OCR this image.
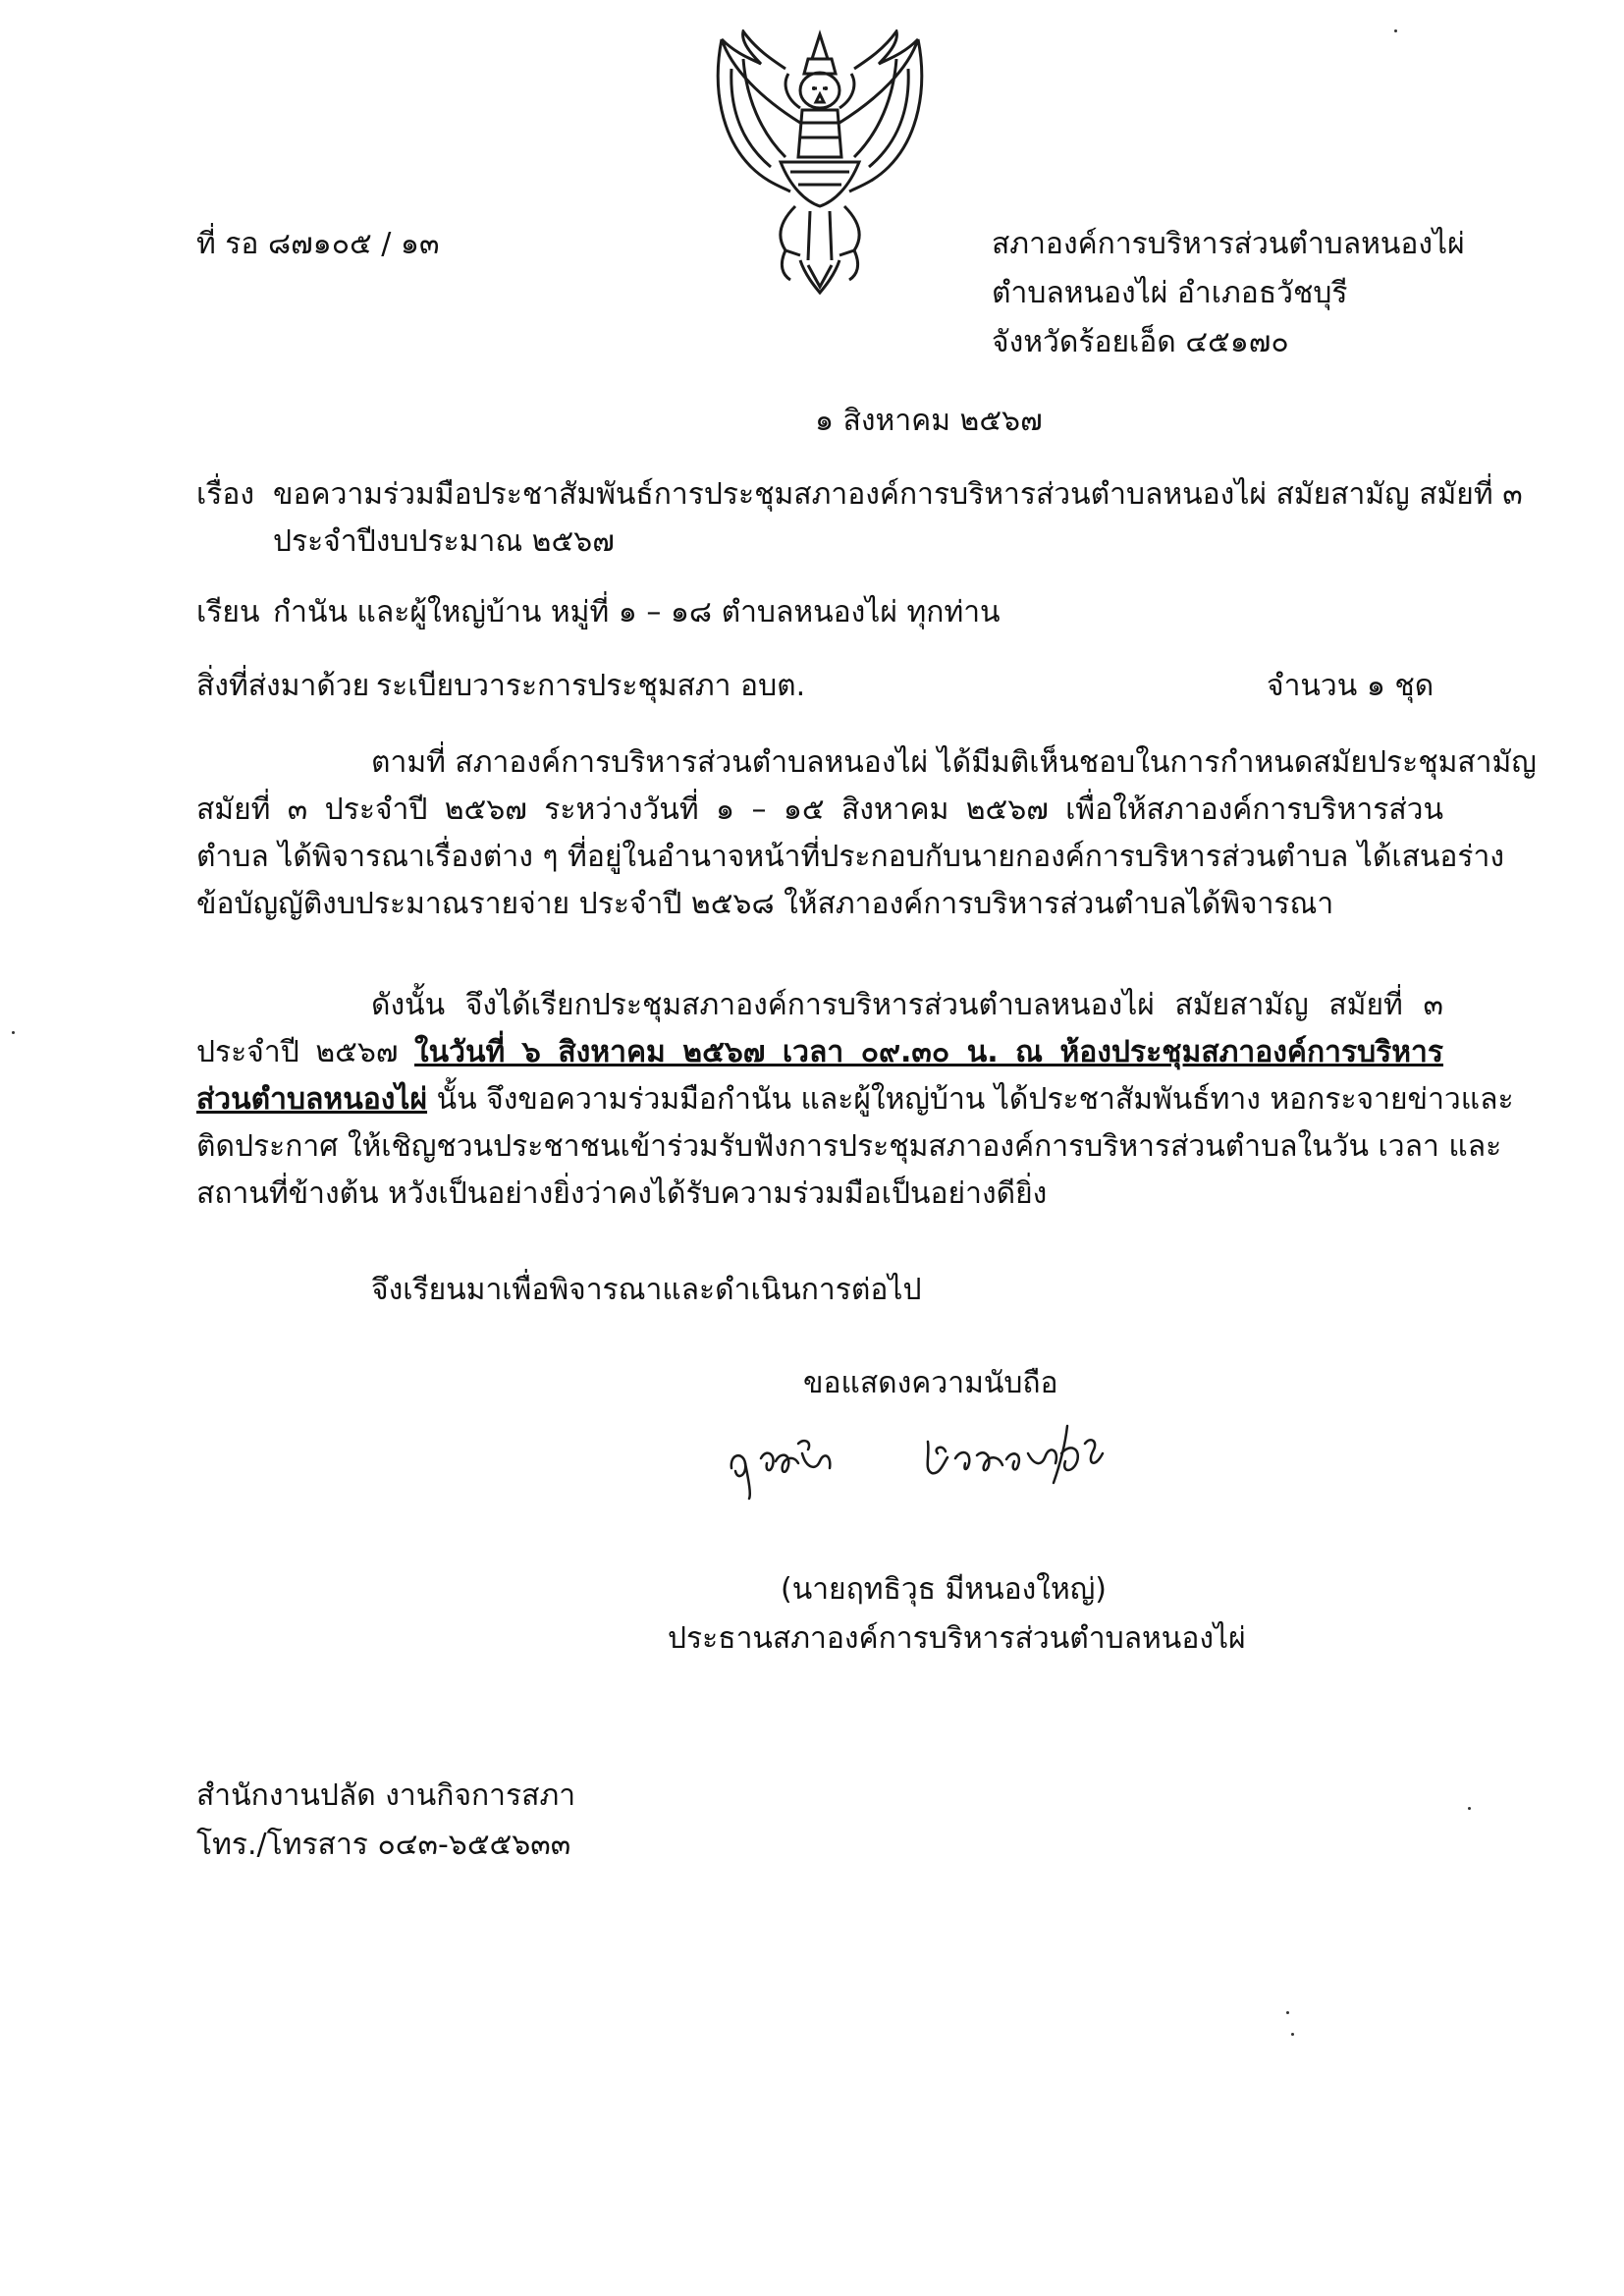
ที่ รอ ๘๗๑๐๕ / ๑๓	สภาองค์การบริหารส่วนตำบลหนองไผ่
ตำบลหนองไผ่ อำเภอธวัชบุรี
จังหวัดร้อยเอ็ด ๔๕๑๗๐
๑ สิงหาคม ๒๕๖๗
เรื่อง ขอความร่วมมือประชาสัมพันธ์การประชุมสภาองค์การบริหารส่วนตำบลหนองไผ่ สมัยสามัญ สมัยที่ ๓
ประจำปีงบประมาณ ๒๕๖๗
เรียน กำนัน และผู้ใหญ่บ้าน หมู่ที่ ๑ – ๑๘ ตำบลหนองไผ่ ทุกท่าน
สิ่งที่ส่งมาด้วย ระเบียบวาระการประชุมสภา อบต.	จำนวน ๑ ชุด
ตามที่ สภาองค์การบริหารส่วนตำบลหนองไผ่ ได้มีมติเห็นชอบในการกำหนดสมัยประชุมสามัญ
สมัยที่ ๓ ประจำปี ๒๕๖๗ ระหว่างวันที่ ๑ – ๑๕ สิงหาคม ๒๕๖๗ เพื่อให้สภาองค์การบริหารส่วน
ตำบล ได้พิจารณาเรื่องต่าง ๆ ที่อยู่ในอำนาจหน้าที่ประกอบกับนายกองค์การบริหารส่วนตำบล ได้เสนอร่าง
ข้อบัญญัติงบประมาณรายจ่าย ประจำปี ๒๕๖๘ ให้สภาองค์การบริหารส่วนตำบลได้พิจารณา
ดังนั้น จึงได้เรียกประชุมสภาองค์การบริหารส่วนตำบลหนองไผ่ สมัยสามัญ สมัยที่ ๓
ประจำปี ๒๕๖๗ ในวันที่ ๖ สิงหาคม ๒๕๖๗ เวลา ๐๙.๓๐ น. ณ ห้องประชุมสภาองค์การบริหาร
ส่วนตำบลหนองไผ่ นั้น จึงขอความร่วมมือกำนัน และผู้ใหญ่บ้าน ได้ประชาสัมพันธ์ทาง หอกระจายข่าวและ
ติดประกาศ ให้เชิญชวนประชาชนเข้าร่วมรับฟังการประชุมสภาองค์การบริหารส่วนตำบลในวัน เวลา และ
สถานที่ข้างต้น หวังเป็นอย่างยิ่งว่าคงได้รับความร่วมมือเป็นอย่างดียิ่ง
จึงเรียนมาเพื่อพิจารณาและดำเนินการต่อไป
ขอแสดงความนับถือ
(นายฤทธิวุธ มีหนองใหญ่)
ประธานสภาองค์การบริหารส่วนตำบลหนองไผ่
สำนักงานปลัด งานกิจการสภา
โทร./โทรสาร ๐๔๓-๖๕๕๖๓๓
